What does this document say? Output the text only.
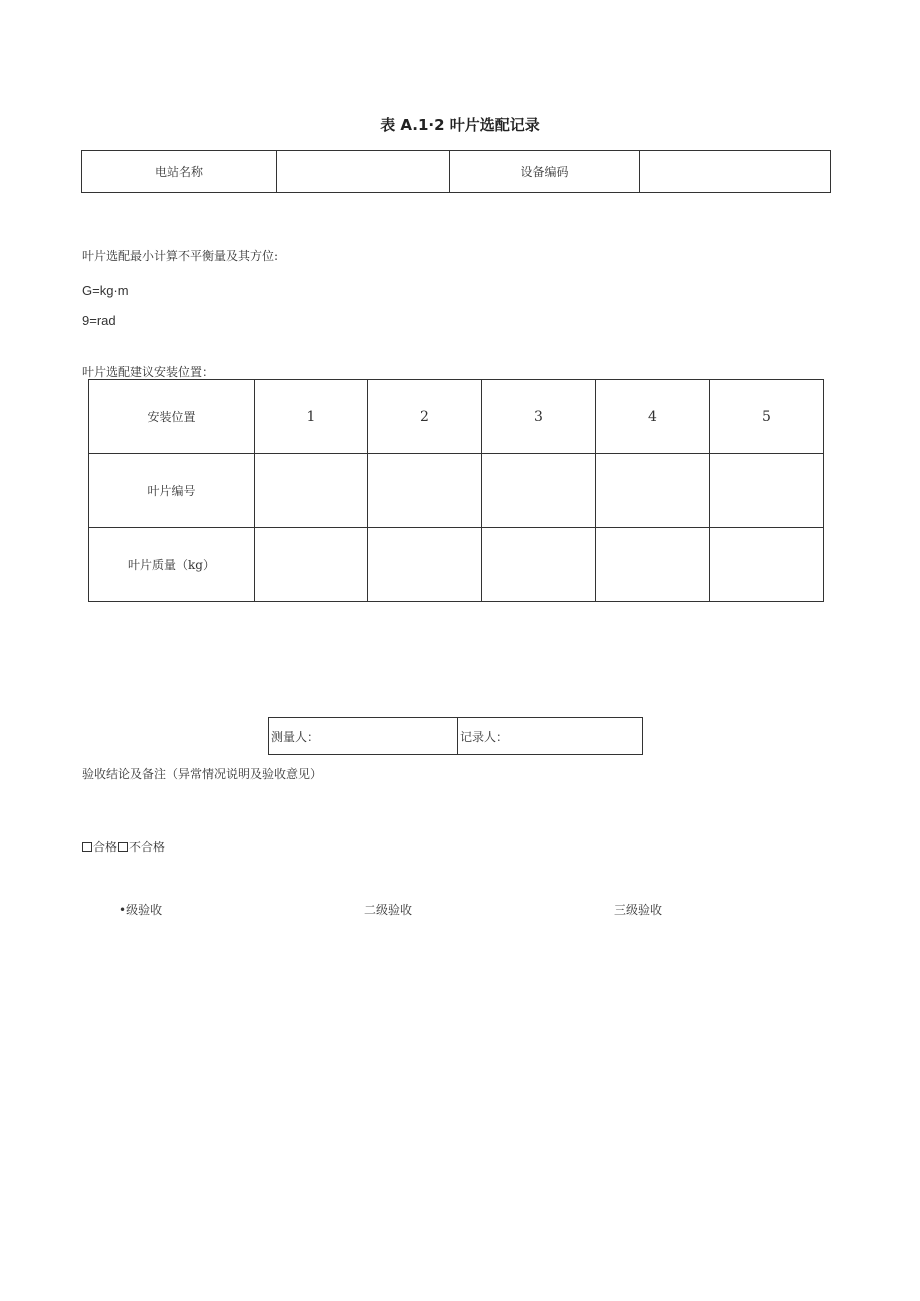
表 A.1·2 叶片选配记录
电站名称		设备编码	
叶片选配最小计算不平衡量及其方位:
G=kg·m
9=rad
叶片选配建议安装位置：
安装位置	1	2	3	4	5
叶片编号					
叶片质量（kg）					
测量人：	记录人：
验收结论及备注（异常情况说明及验收意见）
合格 不合格
•级验收	二级验收	三级验收
